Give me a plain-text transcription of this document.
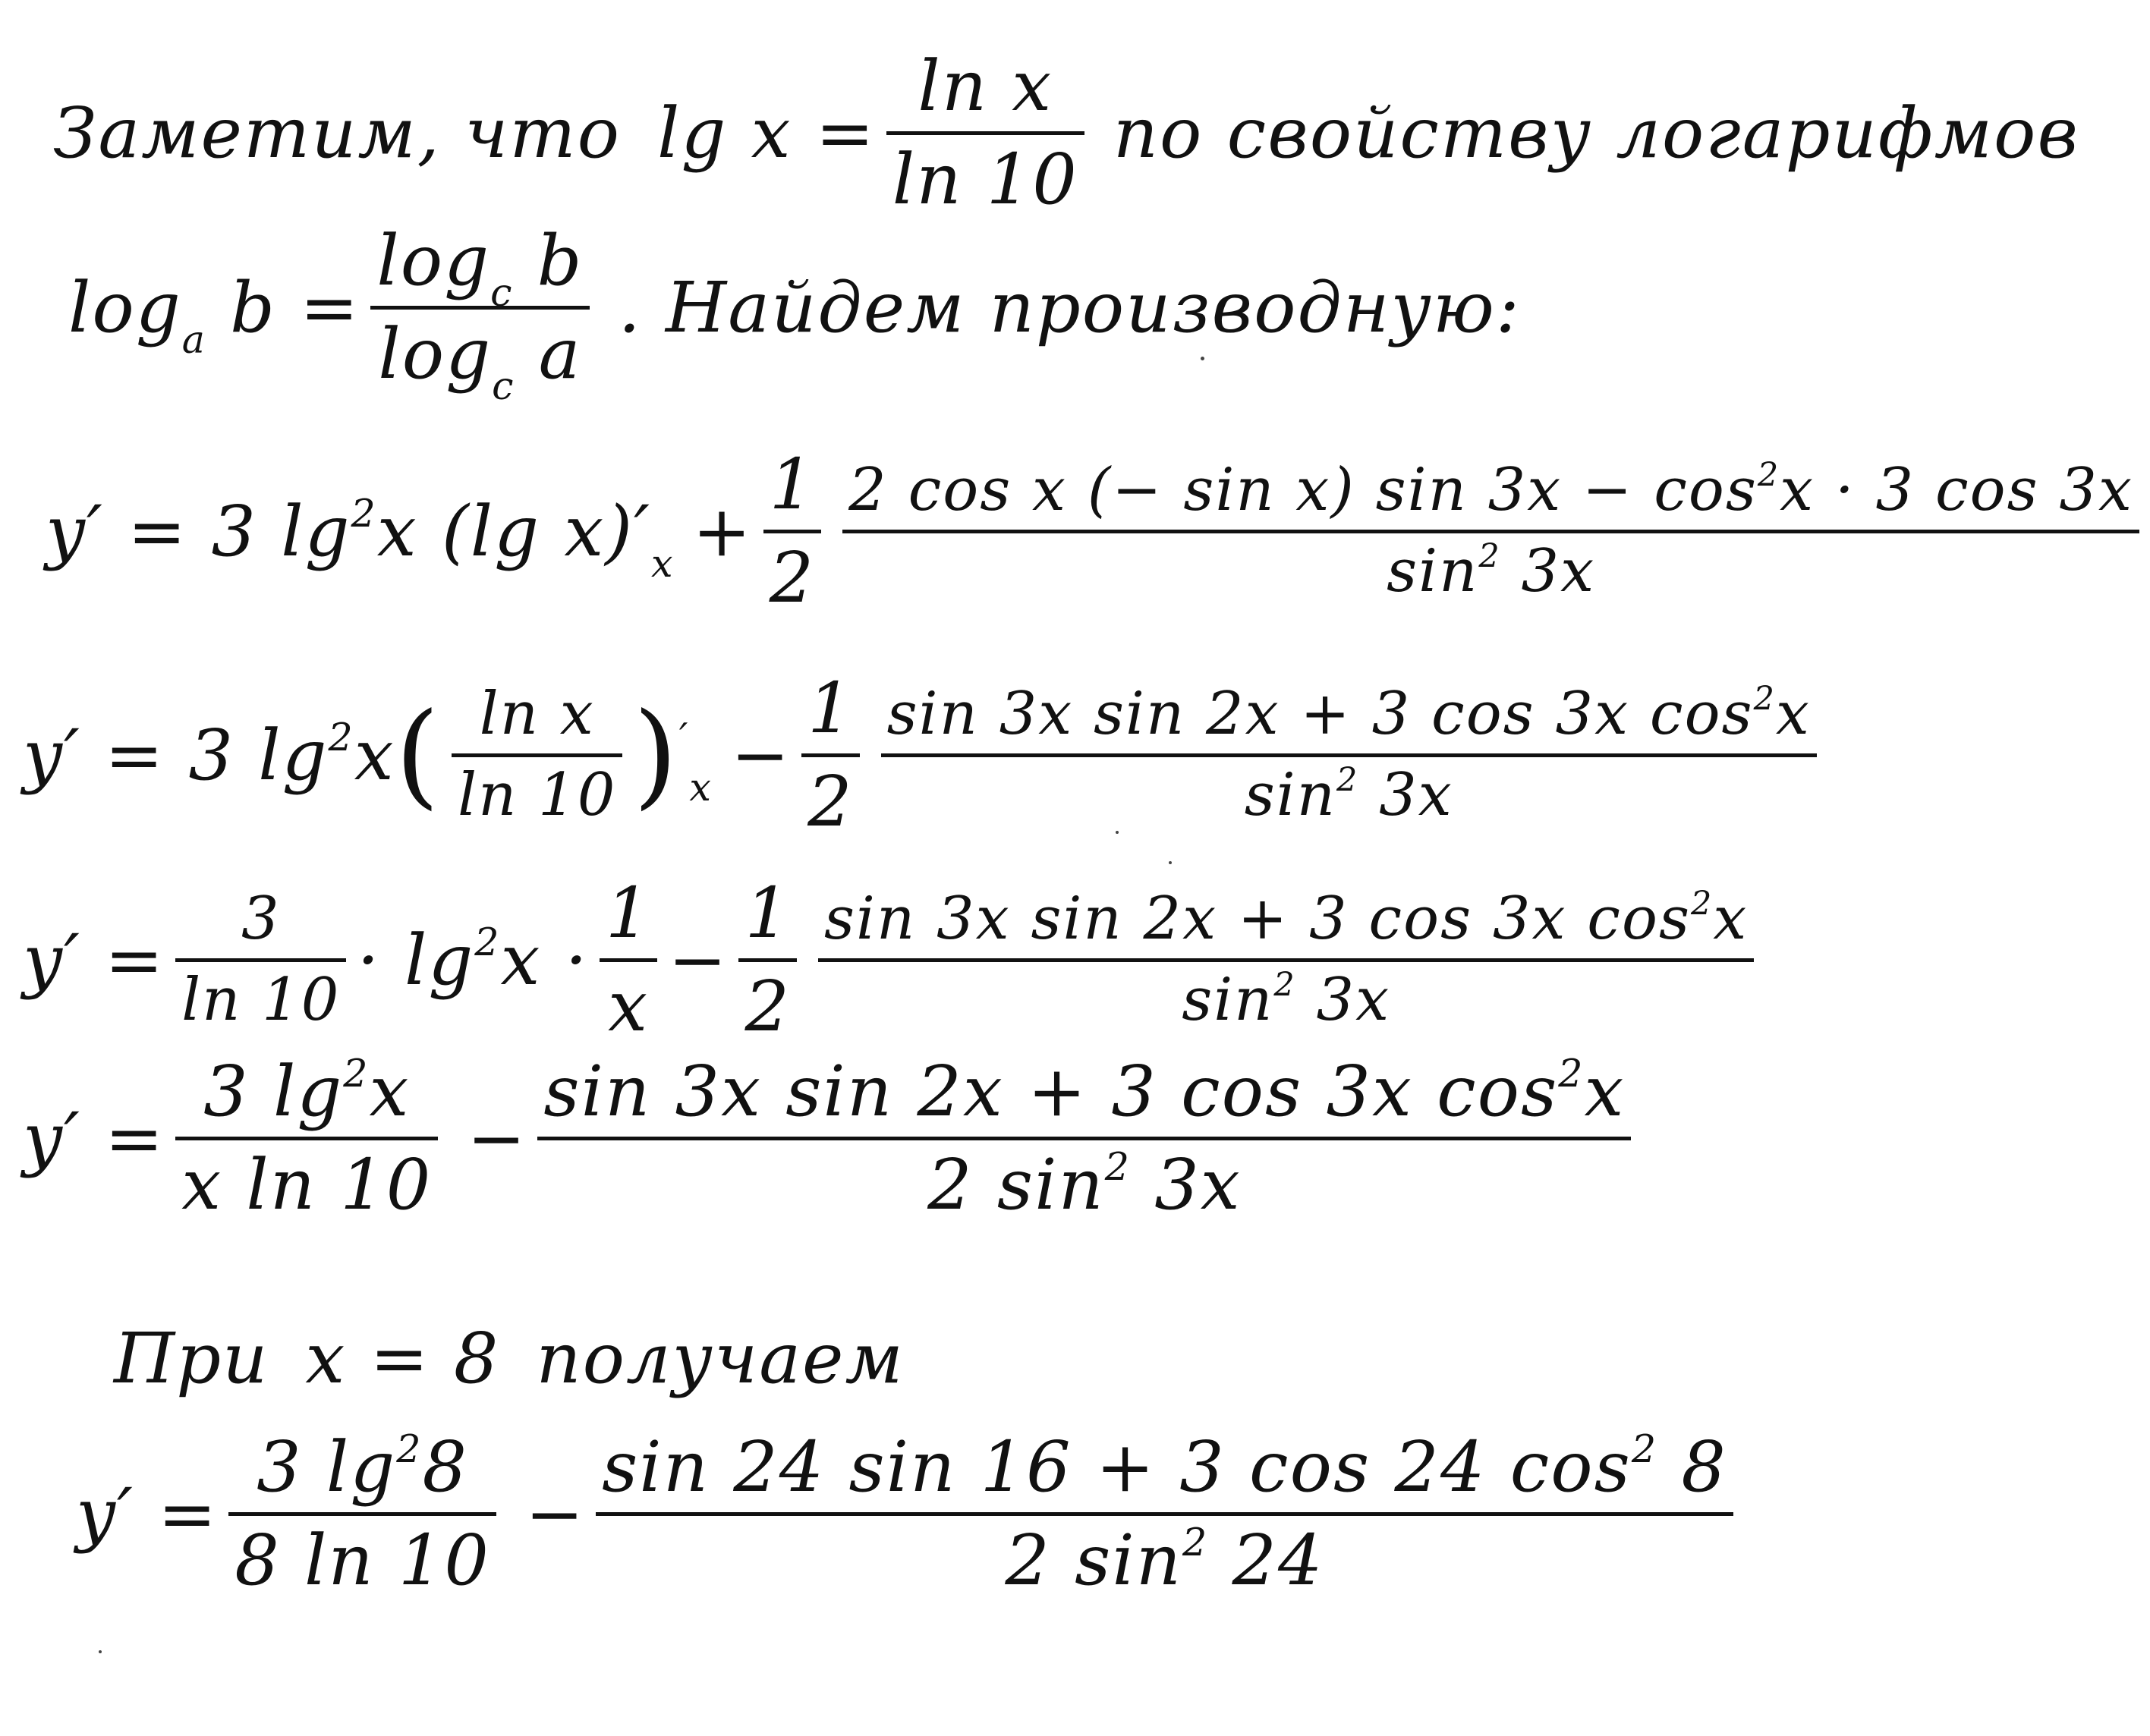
Заметим, что lg x =
ln x
ln 10
по свойству логарифмов
$\log_a b$ =
$\log_c b$
$\log_c a$
. Найдем производную:
y′ = 3 $\lg^2x$ (lg $x)'_x$ +
1
2
2 cos x (− sin x) $\sin 3x - \cos^2x \cdot 3$ cos 3x
$\sin^2 3x$
y′ = 3 $\lg^2x$ ( ln x
ln 10 ) ′$_x$ −
1
2
sin 3x sin 2x + 3 cos 3x $\cos^2x$
$\sin^2 3x$
y′ =
3
$\ln 10 \cdot \lg^2x$ ·
1
x
−
1
2
sin 3x sin 2x + 3 cos 3x $\cos^2x$
$\sin^2 3x$
y′ =
3 $\lg^2x$
x ln 10
−
sin 3x sin 2x + 3 cos 3x $\cos^2x$
2 $\sin^2 3x$
При x = 8 получаем
y′ =
3 $\lg^28$
8 ln 10
−
sin 24 sin 16 + 3 cos 24 $\cos^2 8$
2 $\sin^2 24$
